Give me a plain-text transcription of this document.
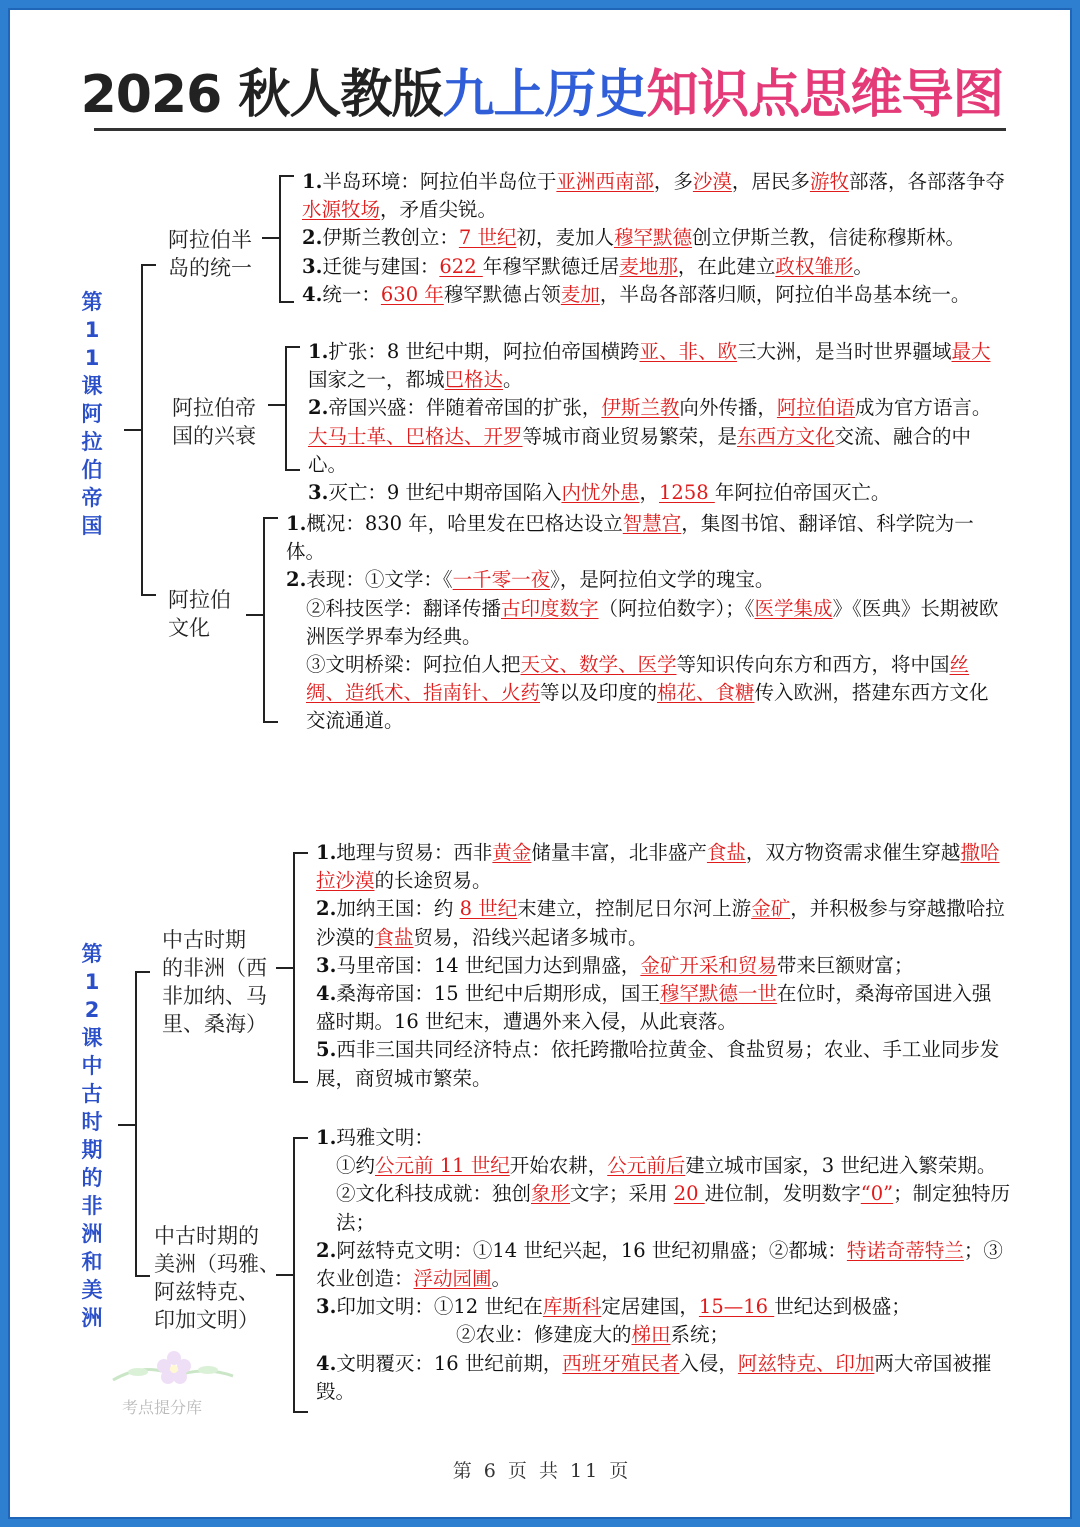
2026 秋人教版九上历史知识点思维导图
第
11
课
阿
拉
伯
帝
国
阿拉伯半
岛的统一
阿拉伯帝
国的兴衰
阿拉伯
文化

1.半岛环境：阿拉伯半岛位于亚洲西南部，多沙漠，居民多游牧部落，各部落争夺水源牧场，矛盾尖锐。

2.伊斯兰教创立：7 世纪初，麦加人穆罕默德创立伊斯兰教，信徒称穆斯林。

3.迁徙与建国：622 年穆罕默德迁居麦地那，在此建立政权雏形。

4.统一：630 年穆罕默德占领麦加，半岛各部落归顺，阿拉伯半岛基本统一。

1.扩张：8 世纪中期，阿拉伯帝国横跨亚、非、欧三大洲，是当时世界疆域最大国家之一，都城巴格达。

2.帝国兴盛：伴随着帝国的扩张，伊斯兰教向外传播，阿拉伯语成为官方语言。大马士革、巴格达、开罗等城市商业贸易繁荣，是东西方文化交流、融合的中心。

3.灭亡：9 世纪中期帝国陷入内忧外患，1258 年阿拉伯帝国灭亡。

1.概况：830 年，哈里发在巴格达设立智慧宫，集图书馆、翻译馆、科学院为一体。

2.表现：①文学：《一千零一夜》，是阿拉伯文学的瑰宝。

②科技医学：翻译传播古印度数字（阿拉伯数字）；《医学集成》《医典》长期被欧洲医学界奉为经典。

③文明桥梁：阿拉伯人把天文、数学、医学等知识传向东方和西方，将中国丝绸、造纸术、指南针、火药等以及印度的棉花、食糖传入欧洲，搭建东西方文化交流通道。

第
12
课
中
古
时
期
的
非
洲
和
美
洲
中古时期
的非洲（西
非加纳、马
里、桑海）
中古时期的
美洲（玛雅、
阿兹特克、
印加文明）

1.地理与贸易：西非黄金储量丰富，北非盛产食盐，双方物资需求催生穿越撒哈拉沙漠的长途贸易。

2.加纳王国：约 8 世纪末建立，控制尼日尔河上游金矿，并积极参与穿越撒哈拉沙漠的食盐贸易，沿线兴起诸多城市。

3.马里帝国：14 世纪国力达到鼎盛，金矿开采和贸易带来巨额财富；

4.桑海帝国：15 世纪中后期形成，国王穆罕默德一世在位时，桑海帝国进入强盛时期。16 世纪末，遭遇外来入侵，从此衰落。

5.西非三国共同经济特点：依托跨撒哈拉黄金、食盐贸易；农业、手工业同步发展，商贸城市繁荣。

1.玛雅文明：

①约公元前 11 世纪开始农耕，公元前后建立城市国家，3 世纪进入繁荣期。

②文化科技成就：独创象形文字；采用 20 进位制，发明数字“0”；制定独特历法；

2.阿兹特克文明：①14 世纪兴起，16 世纪初鼎盛；②都城：特诺奇蒂特兰；③农业创造：浮动园圃。

3.印加文明：①12 世纪在库斯科定居建国，15—16 世纪达到极盛；

②农业：修建庞大的梯田系统；

4.文明覆灭：16 世纪前期，西班牙殖民者入侵，阿兹特克、印加两大帝国被摧毁。

考点提分库
第 6 页 共 11 页
